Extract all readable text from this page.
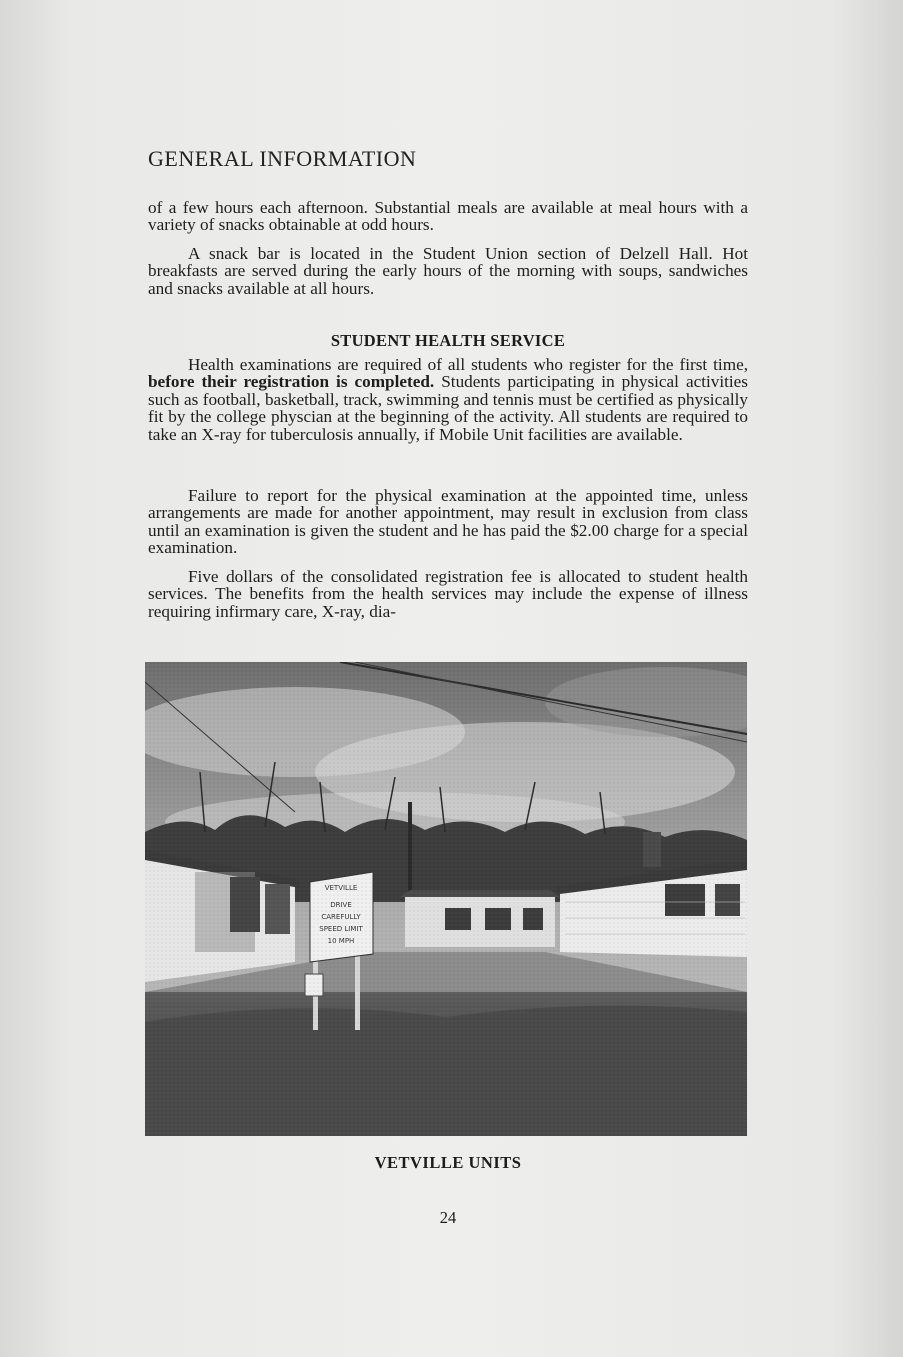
GENERAL INFORMATION

of a few hours each afternoon. Substantial meals are available at meal hours with a variety of snacks obtainable at odd hours.

A snack bar is located in the Student Union section of Delzell Hall. Hot breakfasts are served during the early hours of the morning with soups, sandwiches and snacks available at all hours.

STUDENT HEALTH SERVICE

Health examinations are required of all students who register for the first time, before their registration is completed. Students participating in physical activities such as football, basketball, track, swimming and tennis must be certified as physically fit by the college physcian at the beginning of the activity. All students are required to take an X-ray for tuberculosis annually, if Mobile Unit facilities are available.

Failure to report for the physical examination at the appointed time, unless arrangements are made for another appointment, may result in exclusion from class until an examination is given the student and he has paid the $2.00 charge for a special examination.

Five dollars of the consolidated registration fee is allocated to student health services. The benefits from the health services may include the expense of illness requiring infirmary care, X-ray, dia-

VETVILLE UNITS

24
